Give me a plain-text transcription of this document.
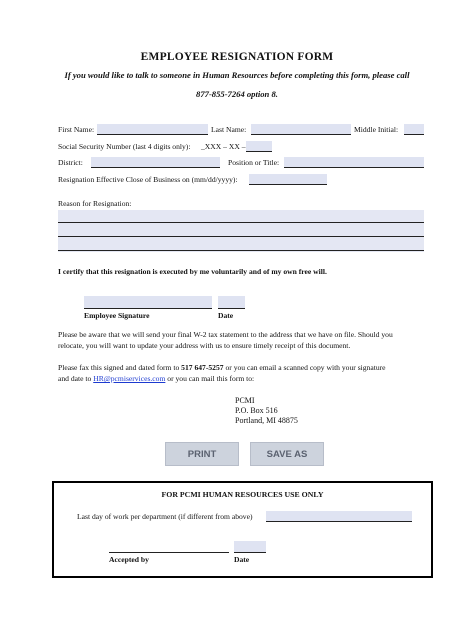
EMPLOYEE RESIGNATION FORM
If you would like to talk to someone in Human Resources before completing this form, please call
877-855-7264 option 8.
First Name:	Last Name:	Middle Initial:
Social Security Number (last 4 digits only): _XXX – XX –
District:	Position or Title:
Resignation Effective Close of Business on (mm/dd/yyyy):
Reason for Resignation:
I certify that this resignation is executed by me voluntarily and of my own free will.
Employee Signature	Date
Please be aware that we will send your final W-2 tax statement to the address that we have on file. Should you
relocate, you will want to update your address with us to ensure timely receipt of this document.
Please fax this signed and dated form to 517 647-5257 or you can email a scanned copy with your signature
and date to HR@pcmiservices.com or you can mail this form to:
PCMI
P.O. Box 516
Portland, MI 48875
PRINT	SAVE AS
FOR PCMI HUMAN RESOURCES USE ONLY
Last day of work per department (if different from above)
Accepted by	Date
